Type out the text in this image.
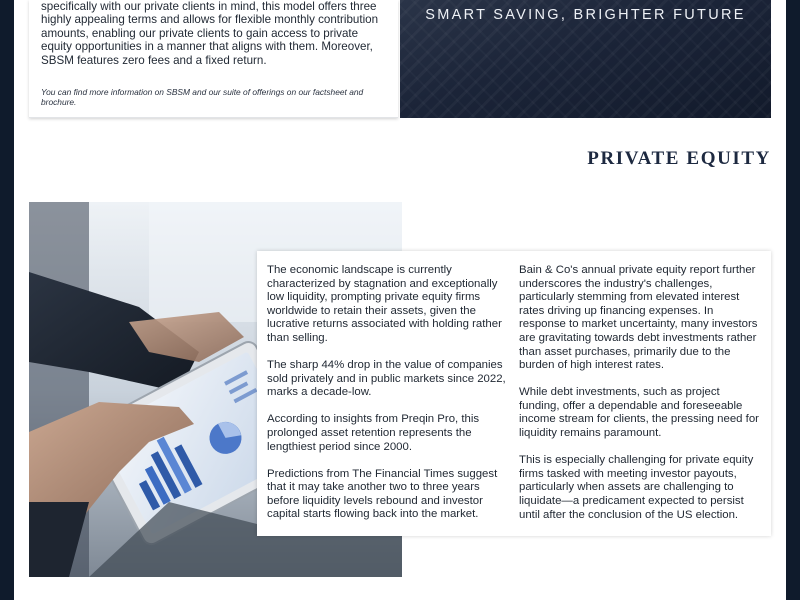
specifically with our private clients in mind, this model offers three highly appealing terms and allows for flexible monthly contribution amounts, enabling our private clients to gain access to private equity opportunities in a manner that aligns with them. Moreover, SBSM features zero fees and a fixed return.

You can find more information on SBSM and our suite of offerings on our factsheet and brochure.

SMART SAVING, BRIGHTER FUTURE
PRIVATE EQUITY

The economic landscape is currently characterized by stagnation and exceptionally low liquidity, prompting private equity firms worldwide to retain their assets, given the lucrative returns associated with holding rather than selling.

The sharp 44% drop in the value of companies sold privately and in public markets since 2022, marks a decade-low.

According to insights from Preqin Pro, this prolonged asset retention represents the lengthiest period since 2000.

Predictions from The Financial Times suggest that it may take another two to three years before liquidity levels rebound and investor capital starts flowing back into the market.

Bain & Co's annual private equity report further underscores the industry's challenges, particularly stemming from elevated interest rates driving up financing expenses. In response to market uncertainty, many investors are gravitating towards debt investments rather than asset purchases, primarily due to the burden of high interest rates.

While debt investments, such as project funding, offer a dependable and foreseeable income stream for clients, the pressing need for liquidity remains paramount.

This is especially challenging for private equity firms tasked with meeting investor payouts, particularly when assets are challenging to liquidate—a predicament expected to persist until after the conclusion of the US election.
